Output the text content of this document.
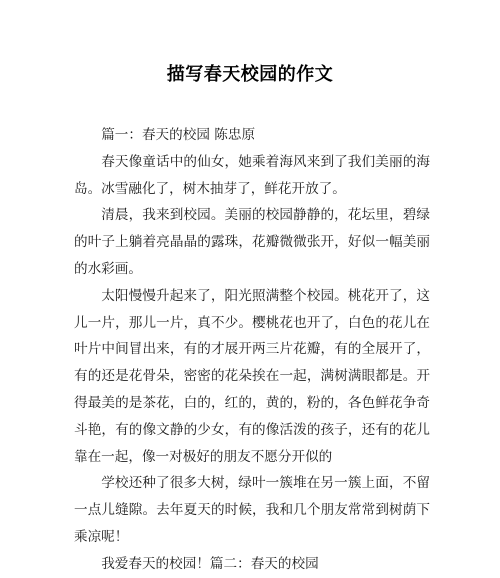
描写春天校园的作文

篇一：春天的校园 陈忠原

春天像童话中的仙女，她乘着海风来到了我们美丽的海岛。冰雪融化了，树木抽芽了，鲜花开放了。

清晨，我来到校园。美丽的校园静静的，花坛里，碧绿的叶子上躺着亮晶晶的露珠，花瓣微微张开，好似一幅美丽的水彩画。

太阳慢慢升起来了，阳光照满整个校园。桃花开了，这儿一片，那儿一片，真不少。樱桃花也开了，白色的花儿在叶片中间冒出来，有的才展开两三片花瓣，有的全展开了，有的还是花骨朵，密密的花朵挨在一起，满树满眼都是。开得最美的是茶花，白的，红的，黄的，粉的，各色鲜花争奇斗艳，有的像文静的少女，有的像活泼的孩子，还有的花儿靠在一起，像一对极好的朋友不愿分开似的

学校还种了很多大树，绿叶一簇堆在另一簇上面，不留一点儿缝隙。去年夏天的时候，我和几个朋友常常到树荫下乘凉呢！

我爱春天的校园！篇二：春天的校园
